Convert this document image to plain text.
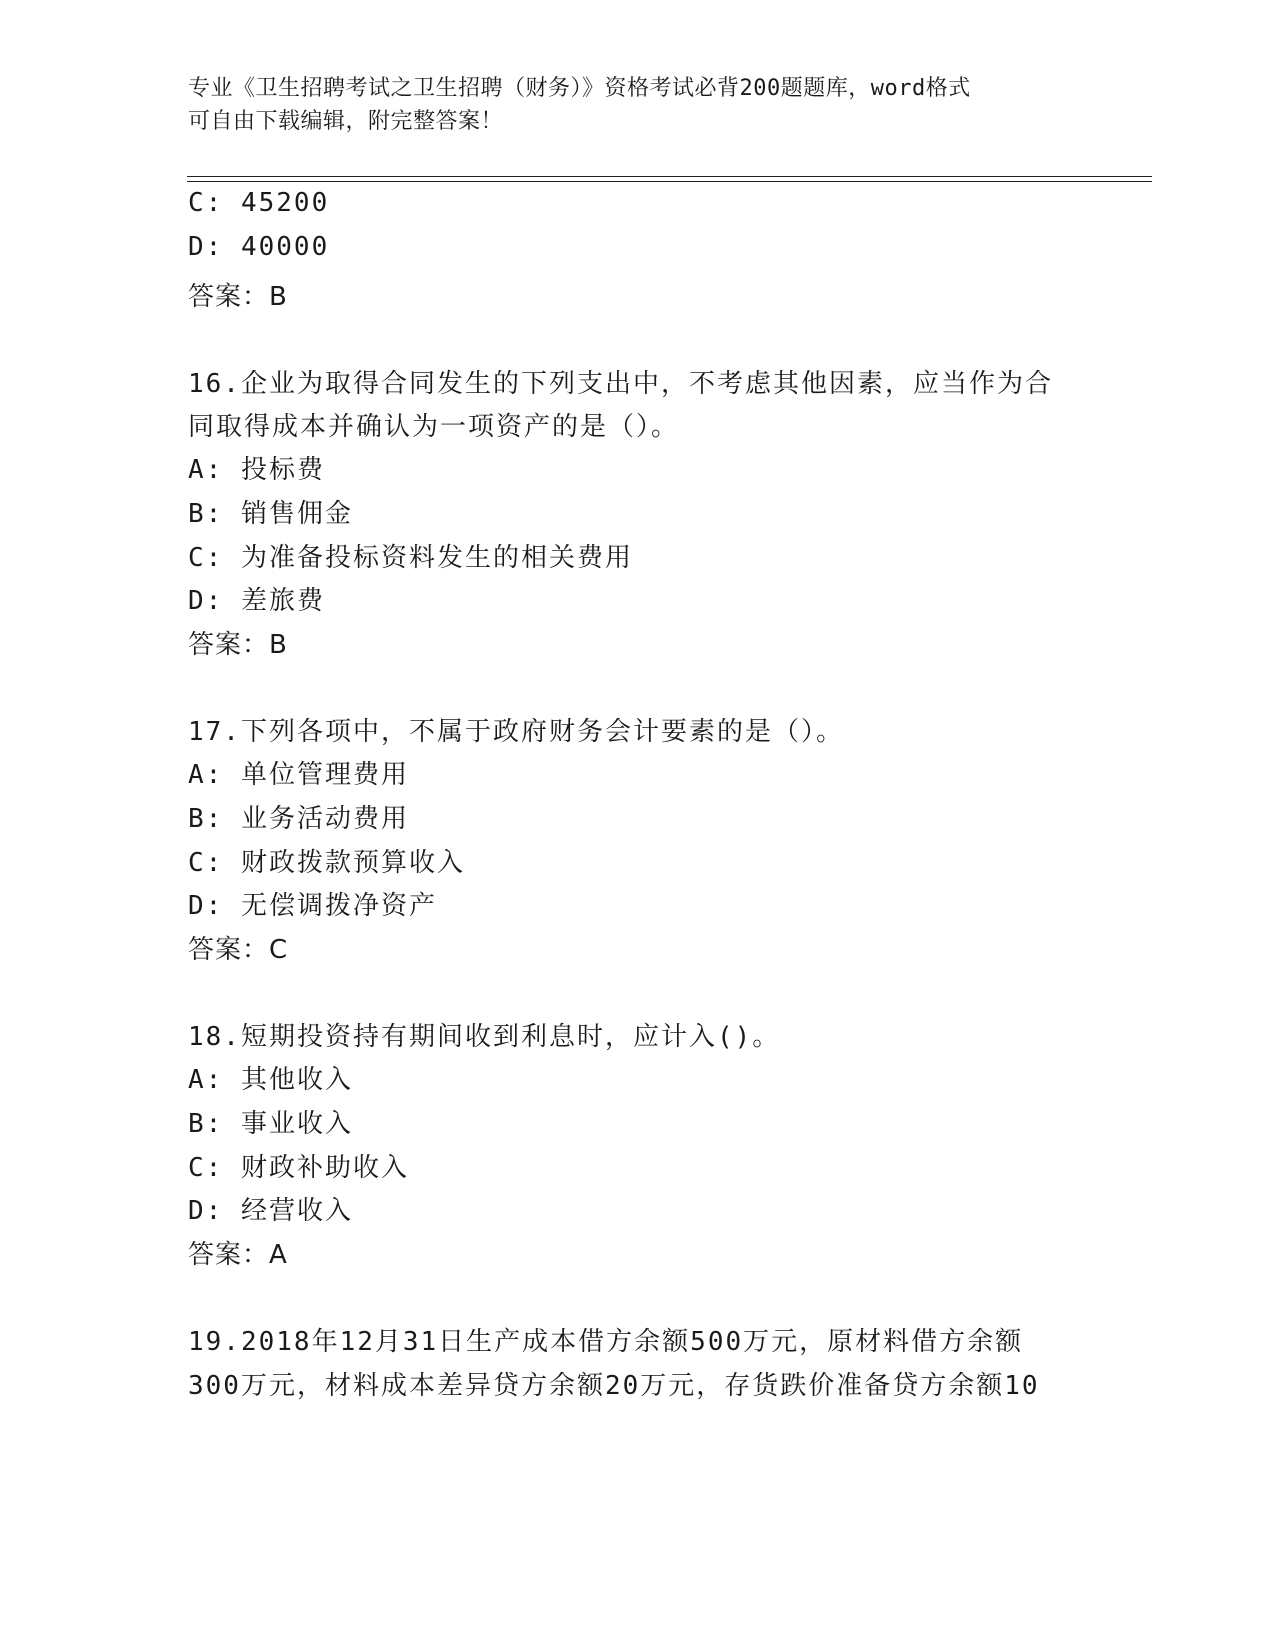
专业《卫生招聘考试之卫生招聘（财务）》资格考试必背200题题库，word格式
可自由下载编辑，附完整答案！
C: 45200
D: 40000
答案：B
16.企业为取得合同发生的下列支出中，不考虑其他因素，应当作为合
同取得成本并确认为一项资产的是（）。
A: 投标费
B: 销售佣金
C: 为准备投标资料发生的相关费用
D: 差旅费
答案：B
17.下列各项中，不属于政府财务会计要素的是（）。
A: 单位管理费用
B: 业务活动费用
C: 财政拨款预算收入
D: 无偿调拨净资产
答案：C
18.短期投资持有期间收到利息时，应计入()。
A: 其他收入
B: 事业收入
C: 财政补助收入
D: 经营收入
答案：A
19.2018年12月31日生产成本借方余额500万元，原材料借方余额
300万元，材料成本差异贷方余额20万元，存货跌价准备贷方余额10
